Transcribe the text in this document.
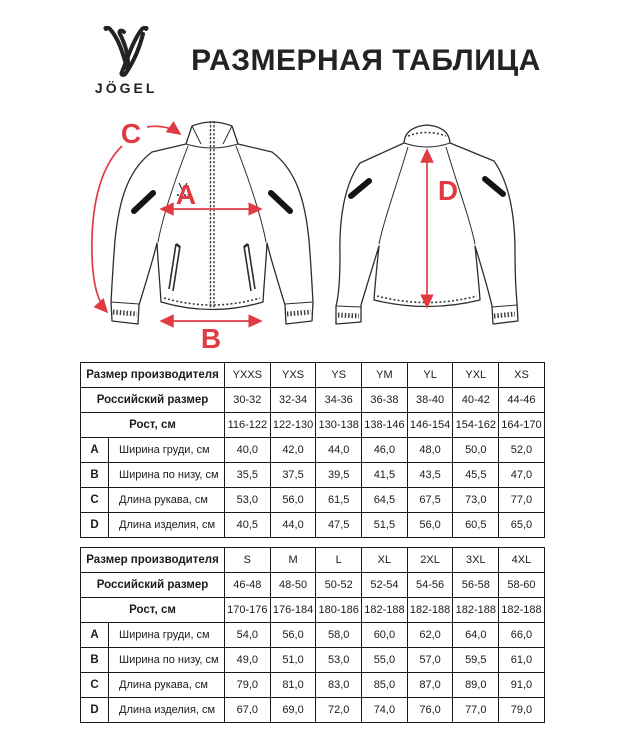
JÖGEL
РАЗМЕРНАЯ ТАБЛИЦА
A
B
C
D
Размер производителя		YXXS	YXS	YS	YM	YL	YXL	XS
Российский размер		30-32	32-34	34-36	36-38	38-40	40-42	44-46
Рост, см		116-122	122-130	130-138	138-146	146-154	154-162	164-170
A	Ширина груди, см	40,0	42,0	44,0	46,0	48,0	50,0	52,0
B	Ширина по низу, см	35,5	37,5	39,5	41,5	43,5	45,5	47,0
C	Длина рукава, см	53,0	56,0	61,5	64,5	67,5	73,0	77,0
D	Длина изделия, см	40,5	44,0	47,5	51,5	56,0	60,5	65,0
Размер производителя		S	M	L	XL	2XL	3XL	4XL
Российский размер		46-48	48-50	50-52	52-54	54-56	56-58	58-60
Рост, см		170-176	176-184	180-186	182-188	182-188	182-188	182-188
A	Ширина груди, см	54,0	56,0	58,0	60,0	62,0	64,0	66,0
B	Ширина по низу, см	49,0	51,0	53,0	55,0	57,0	59,5	61,0
C	Длина рукава, см	79,0	81,0	83,0	85,0	87,0	89,0	91,0
D	Длина изделия, см	67,0	69,0	72,0	74,0	76,0	77,0	79,0
